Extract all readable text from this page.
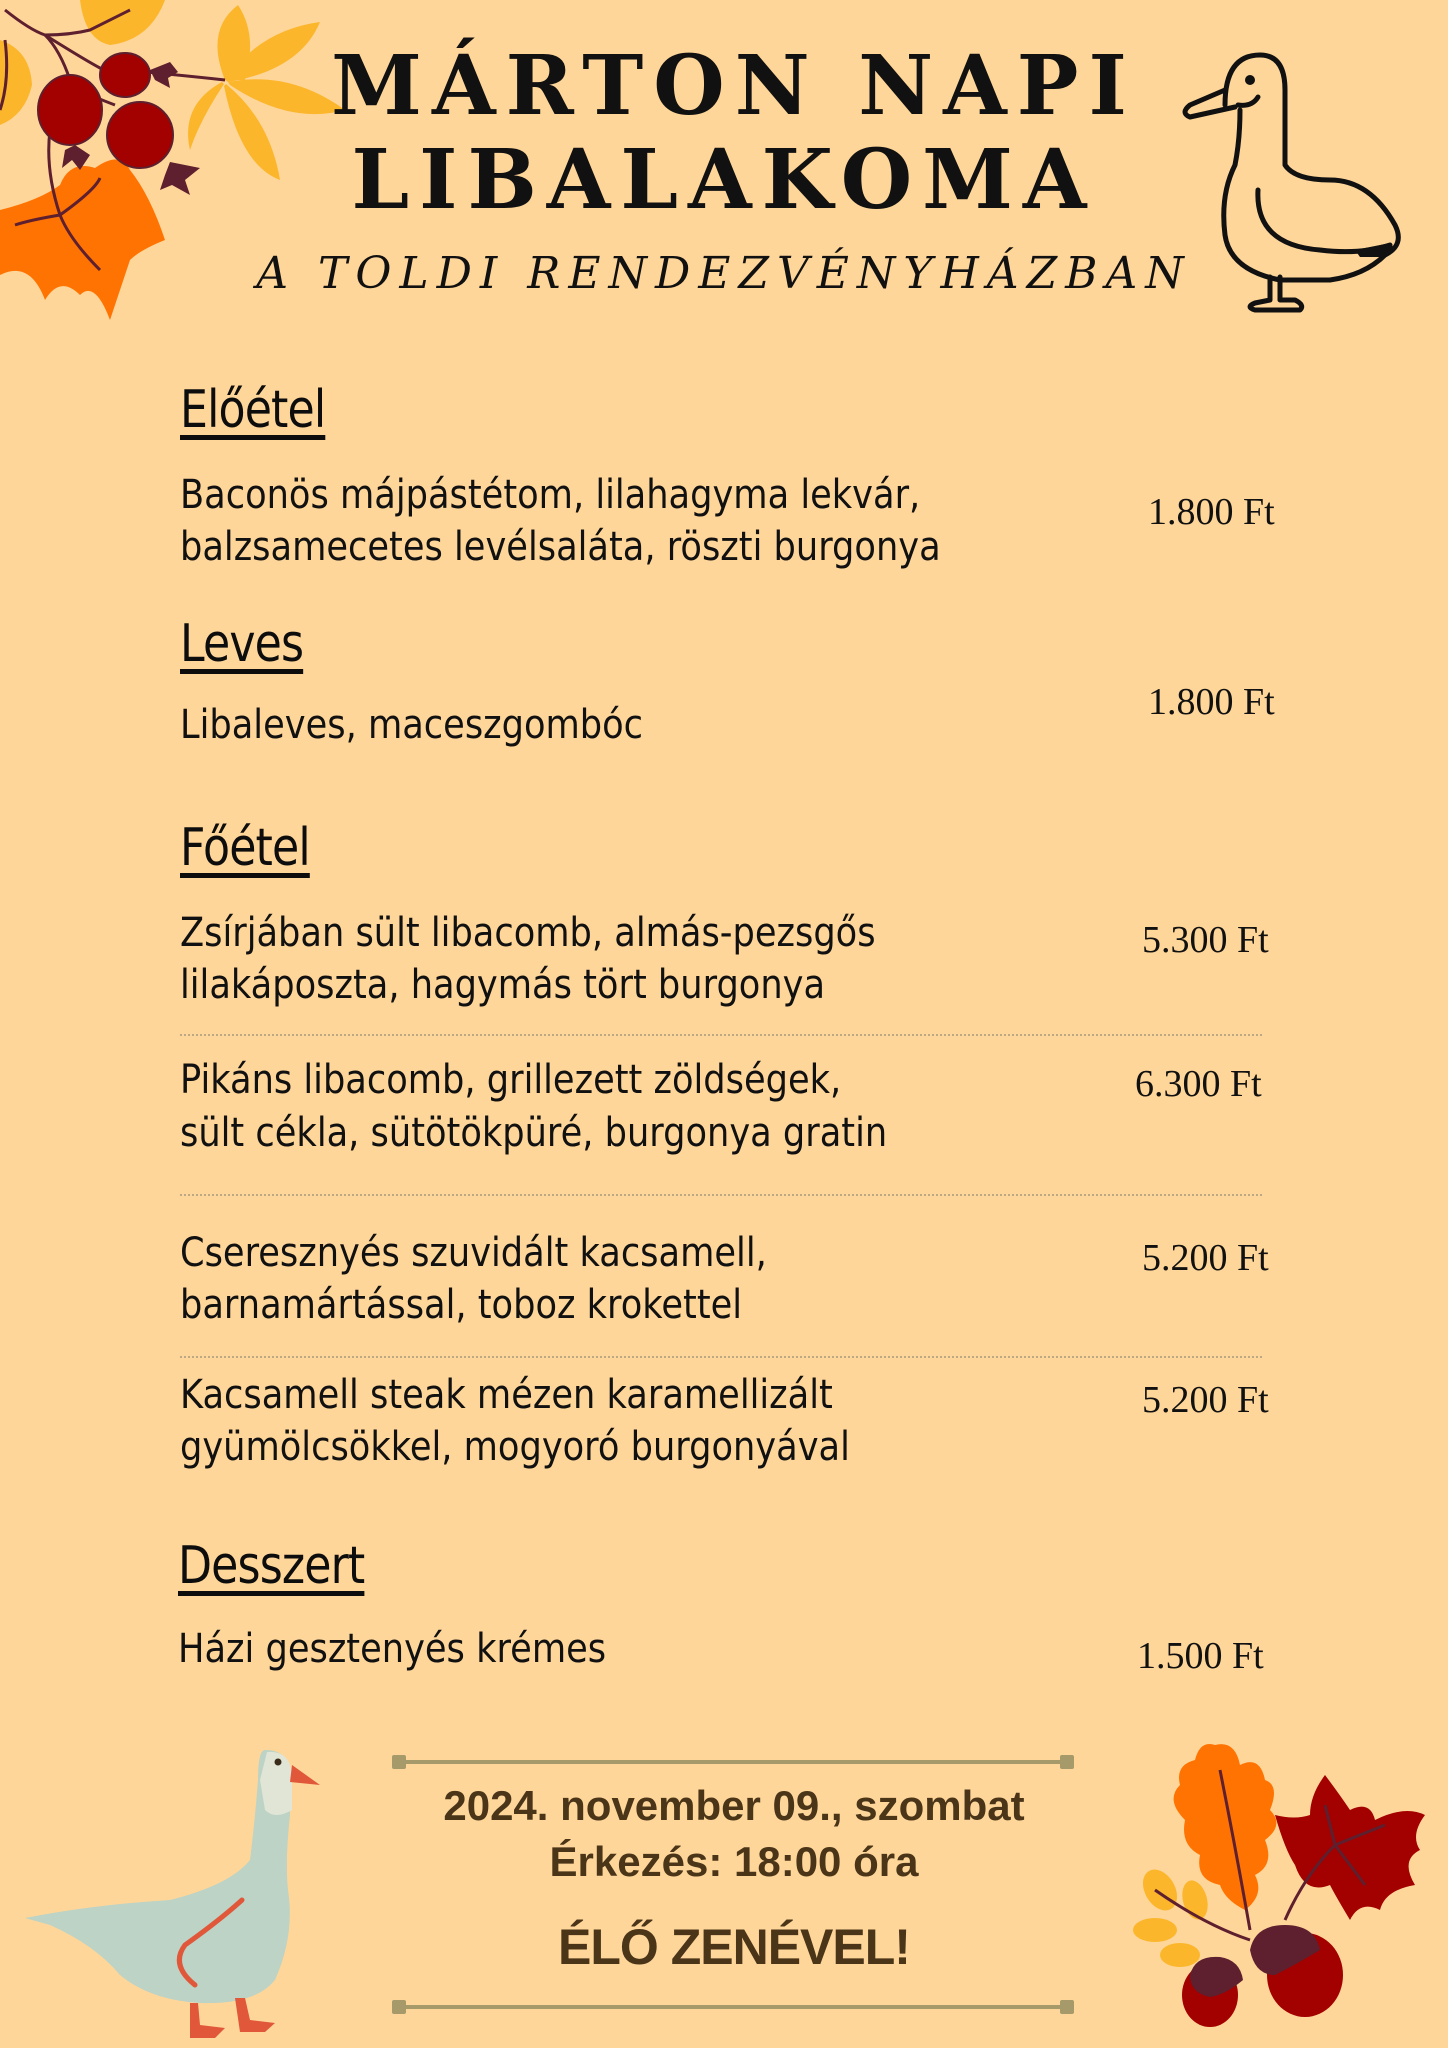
MÁRTON NAPI
LIBALAKOMA
A TOLDI RENDEZVÉNYHÁZBAN
Előétel
Baconös májpástétom, lilahagyma lekvár,
balzsamecetes levélsaláta, röszti burgonya
1.800 Ft
Leves
Libaleves, maceszgombóc	1.800 Ft
Főétel
Zsírjában sült libacomb, almás-pezsgős
lilakáposzta, hagymás tört burgonya
5.300 Ft
Pikáns libacomb, grillezett zöldségek,
sült cékla, sütötökpüré, burgonya gratin
6.300 Ft
Cseresznyés szuvidált kacsamell,
barnamártással, toboz krokettel
5.200 Ft
Kacsamell steak mézen karamellizált
gyümölcsökkel, mogyoró burgonyával
5.200 Ft
Desszert
Házi gesztenyés krémes	1.500 Ft
2024. november 09., szombat
Érkezés: 18:00 óra
ÉLŐ ZENÉVEL!
